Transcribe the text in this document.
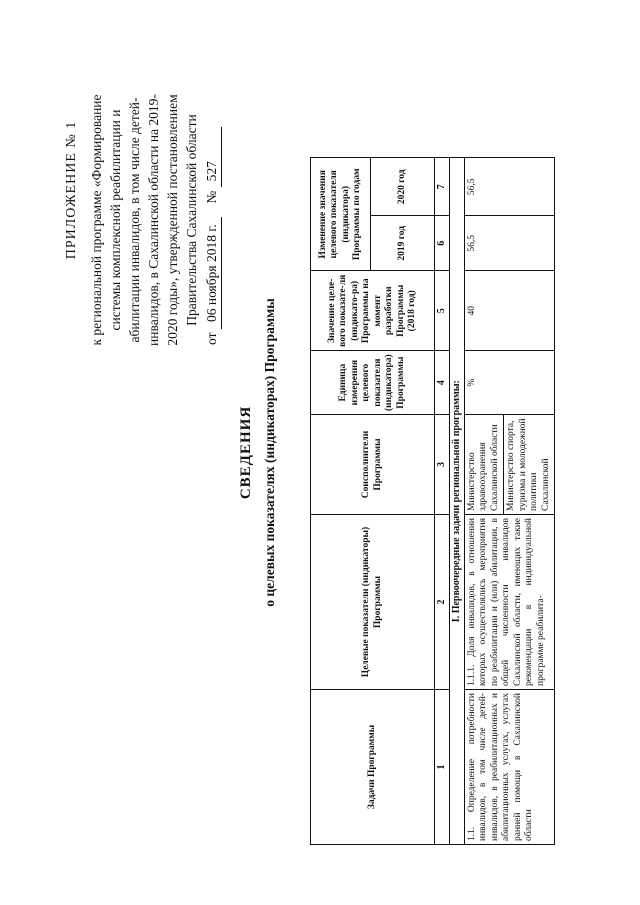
ПРИЛОЖЕНИЕ № 1 к региональной программе «Формирование системы комплексной реабилитации и абилитации инвалидов, в том числе детей- инвалидов, в Сахалинской области на 2019- 2020 годы», утвержденной постановлением Правительства Сахалинской области
от 06 ноября 2018 г.    № 527
СВЕДЕНИЯ о целевых показателях (индикаторах) Программы
Задачи Программы	Целевые показатели (индикаторы) Программы	Соисполнители Программы	Единица измерения целевого показателя (индикатора) Программы	Значение целе-вого показате-ля (индикато-ра) Программы на момент разработки Программы (2018 год)	Изменение значения целевого показателя (индикатора) Программы по годам	
					2019 год	2020 год
1	2	3	4	5	6	7
I. Первоочередные задачи региональной программы:						
1.1. Определение потребности инвалидов, в том числе детей-инвалидов, в реабилитационных и абилитационных услугах, услугах ранней помощи в Сахалинской области	1.1.1. Доля инвалидов, в отношении которых осуществлялись мероприятия по реабилитации и (или) абилитации, в общей численности инвалидов Сахалинской области, имеющих такие рекомендации в индивидуальной программе реабилита-	Министерство здравоохранения Сахалинской области Министерство спорта, туризма и молодежной политики Сахалинской	%	40	56,5	56,5
